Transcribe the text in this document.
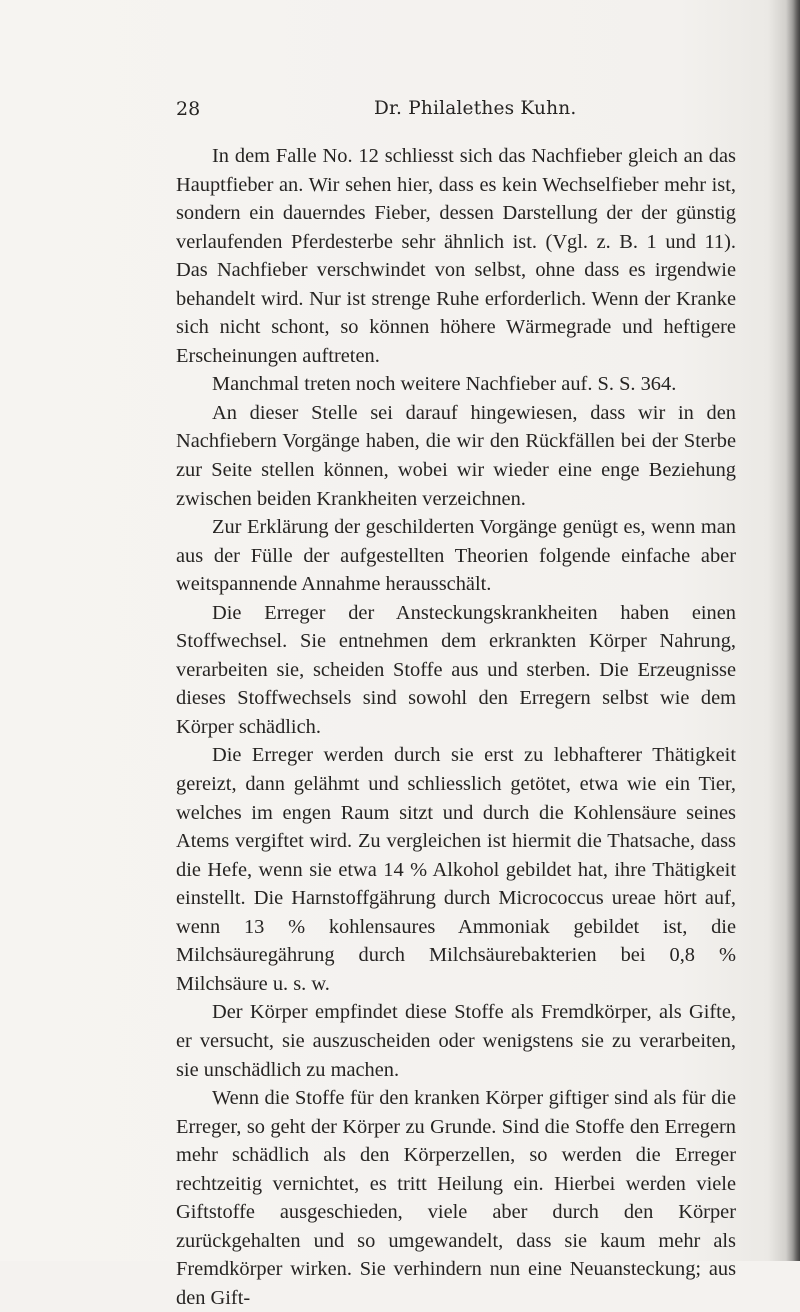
28	Dr. Philalethes Kuhn.

In dem Falle No. 12 schliesst sich das Nachfieber gleich an das Hauptfieber an. Wir sehen hier, dass es kein Wechselfieber mehr ist, sondern ein dauerndes Fieber, dessen Darstellung der der günstig verlaufenden Pferdesterbe sehr ähnlich ist. (Vgl. z. B. 1 und 11). Das Nachfieber verschwindet von selbst, ohne dass es irgendwie behandelt wird. Nur ist strenge Ruhe erforderlich. Wenn der Kranke sich nicht schont, so können höhere Wärmegrade und heftigere Erscheinungen auftreten.

Manchmal treten noch weitere Nachfieber auf. S. S. 364.

An dieser Stelle sei darauf hingewiesen, dass wir in den Nachfiebern Vorgänge haben, die wir den Rückfällen bei der Sterbe zur Seite stellen können, wobei wir wieder eine enge Beziehung zwischen beiden Krankheiten verzeichnen.

Zur Erklärung der geschilderten Vorgänge genügt es, wenn man aus der Fülle der aufgestellten Theorien folgende einfache aber weitspannende Annahme herausschält.

Die Erreger der Ansteckungskrankheiten haben einen Stoffwechsel. Sie entnehmen dem erkrankten Körper Nahrung, verarbeiten sie, scheiden Stoffe aus und sterben. Die Erzeugnisse dieses Stoffwechsels sind sowohl den Erregern selbst wie dem Körper schädlich.

Die Erreger werden durch sie erst zu lebhafterer Thätigkeit gereizt, dann gelähmt und schliesslich getötet, etwa wie ein Tier, welches im engen Raum sitzt und durch die Kohlensäure seines Atems vergiftet wird. Zu vergleichen ist hiermit die Thatsache, dass die Hefe, wenn sie etwa 14 % Alkohol gebildet hat, ihre Thätigkeit einstellt. Die Harnstoffgährung durch Micrococcus ureae hört auf, wenn 13 % kohlensaures Ammoniak gebildet ist, die Milchsäuregährung durch Milchsäurebakterien bei 0,8 % Milchsäure u. s. w.

Der Körper empfindet diese Stoffe als Fremdkörper, als Gifte, er versucht, sie auszuscheiden oder wenigstens sie zu verarbeiten, sie unschädlich zu machen.

Wenn die Stoffe für den kranken Körper giftiger sind als für die Erreger, so geht der Körper zu Grunde. Sind die Stoffe den Erregern mehr schädlich als den Körperzellen, so werden die Erreger rechtzeitig vernichtet, es tritt Heilung ein. Hierbei werden viele Giftstoffe ausgeschieden, viele aber durch den Körper zurückgehalten und so umgewandelt, dass sie kaum mehr als Fremdkörper wirken. Sie verhindern nun eine Neuansteckung; aus den Gift-
